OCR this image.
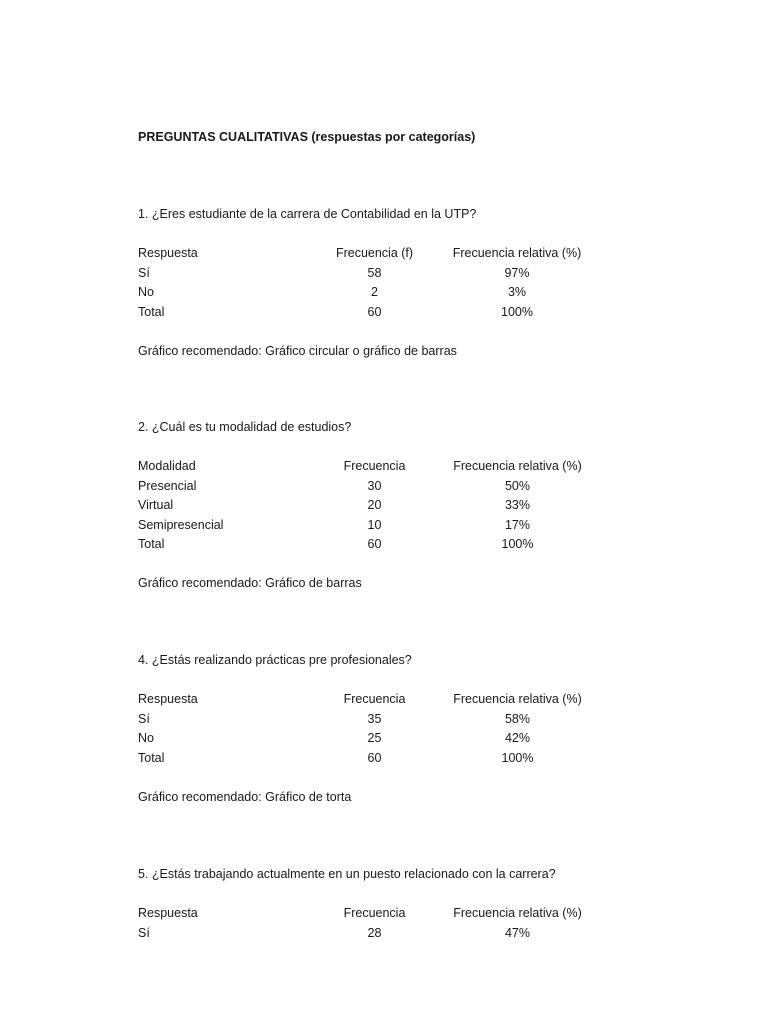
PREGUNTAS CUALITATIVAS (respuestas por categorías)
1. ¿Eres estudiante de la carrera de Contabilidad en la UTP?
Respuesta	Frecuencia (f)	Frecuencia relativa (%)
Sí	58	97%
No	2	3%
Total	60	100%
Gráfico recomendado: Gráfico circular o gráfico de barras
2. ¿Cuál es tu modalidad de estudios?
Modalidad	Frecuencia	Frecuencia relativa (%)
Presencial	30	50%
Virtual	20	33%
Semipresencial	10	17%
Total	60	100%
Gráfico recomendado: Gráfico de barras
4. ¿Estás realizando prácticas pre profesionales?
Respuesta	Frecuencia	Frecuencia relativa (%)
Sí	35	58%
No	25	42%
Total	60	100%
Gráfico recomendado: Gráfico de torta
5. ¿Estás trabajando actualmente en un puesto relacionado con la carrera?
Respuesta	Frecuencia	Frecuencia relativa (%)
Sí	28	47%
